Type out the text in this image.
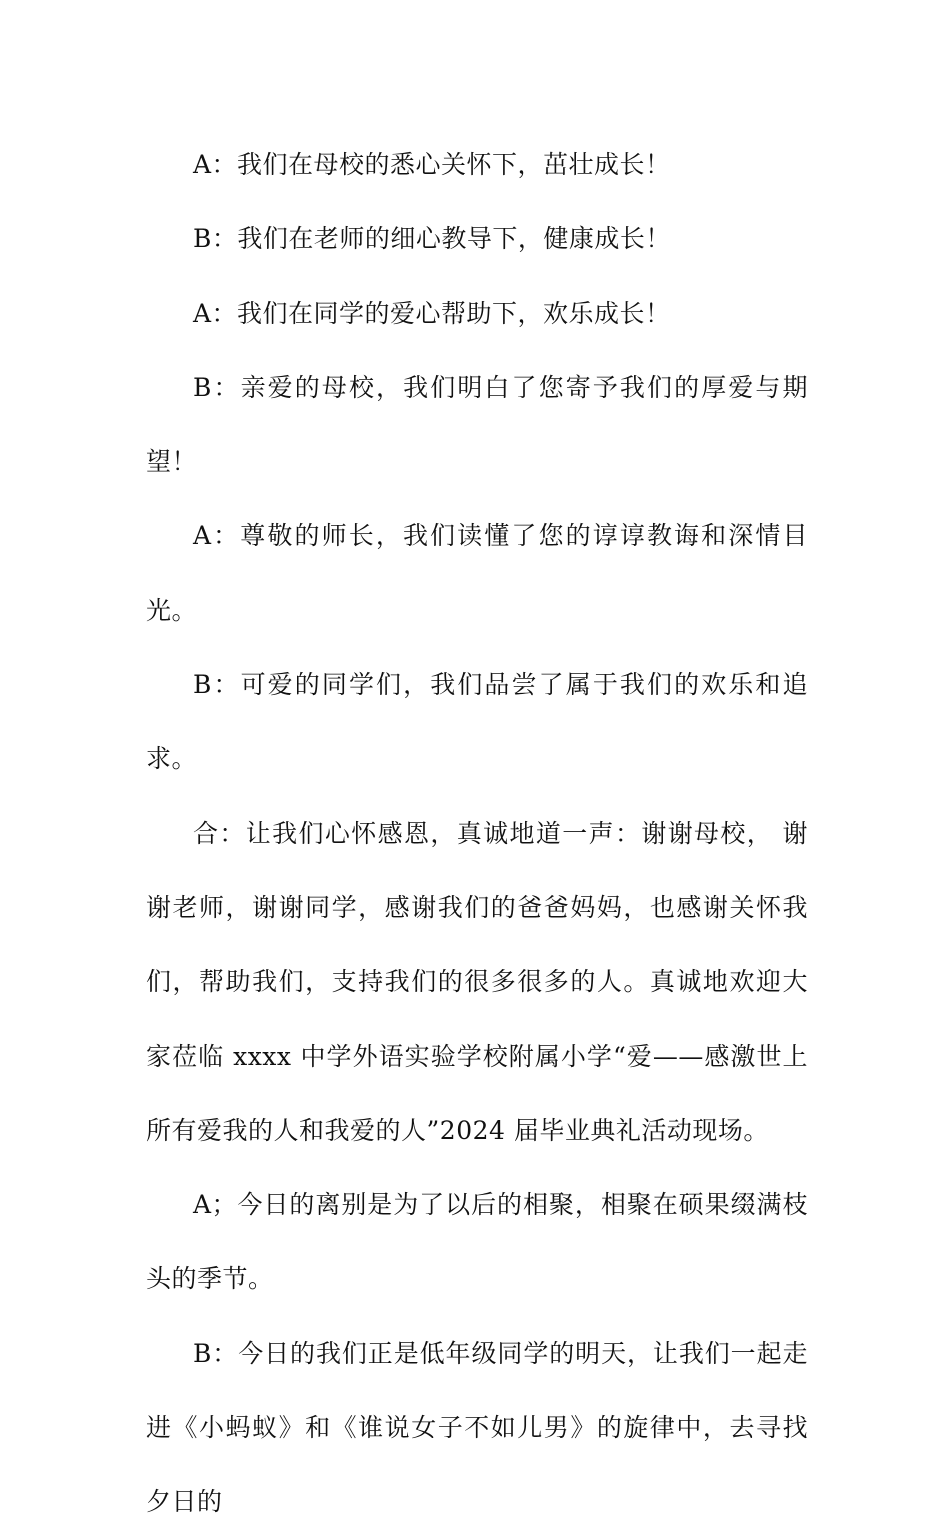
A：我们在母校的悉心关怀下，茁壮成长！

B：我们在老师的细心教导下，健康成长！

A：我们在同学的爱心帮助下，欢乐成长！

B：亲爱的母校，我们明白了您寄予我们的厚爱与期望！

A：尊敬的师长，我们读懂了您的谆谆教诲和深情目光。

B：可爱的同学们，我们品尝了属于我们的欢乐和追求。

合：让我们心怀感恩，真诚地道一声：谢谢母校， 谢谢老师，谢谢同学，感谢我们的爸爸妈妈，也感谢关怀我们，帮助我们，支持我们的很多很多的人。真诚地欢迎大家莅临 xxxx 中学外语实验学校附属小学“爱——感激世上所有爱我的人和我爱的人”2024 届毕业典礼活动现场。

A；今日的离别是为了以后的相聚，相聚在硕果缀满枝头的季节。

B：今日的我们正是低年级同学的明天，让我们一起走进《小蚂蚁》和《谁说女子不如儿男》的旋律中，去寻找夕日的
